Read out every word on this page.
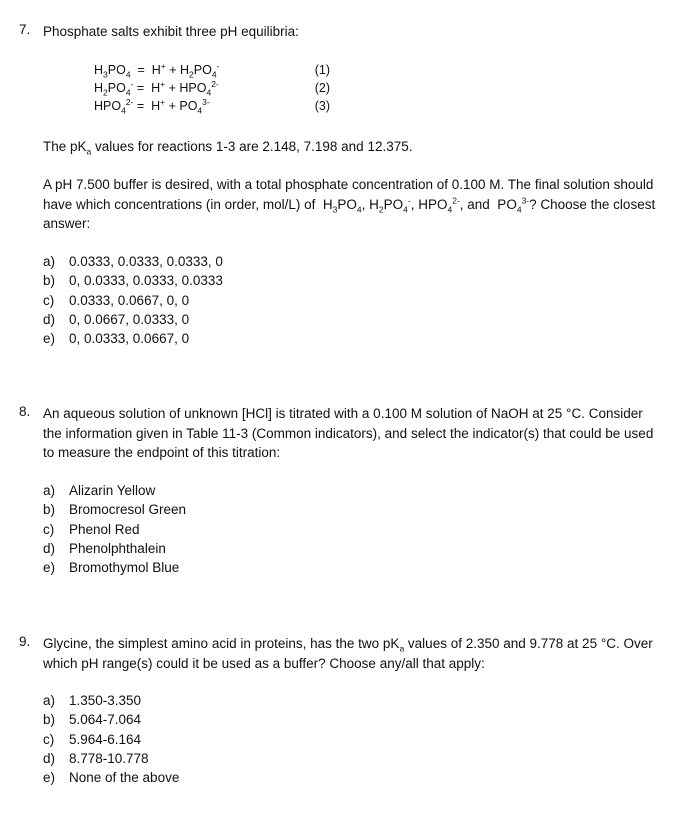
7. Phosphate salts exhibit three pH equilibria:
$H_3PO_4 = H^+ + H_2PO_4^-$	(1)
$H_2PO_4^- = H^+ + HPO_4^{2-}$	(2)
$HPO_4^{2-} = H^+ + PO_4^{3-}$	(3)
The $pK_a$ values for reactions 1-3 are 2.148, 7.198 and 12.375.
A pH 7.500 buffer is desired, with a total phosphate concentration of 0.100 M. The final solution should have which concentrations (in order, mol/L) of  $H_3PO_4$, $H_2PO_4^-$, $HPO_4^{2-}$, and  $PO_4^{3-}$? Choose the closest answer:
a)	0.0333, 0.0333, 0.0333, 0
b)	0, 0.0333, 0.0333, 0.0333
c)	0.0333, 0.0667, 0, 0
d)	0, 0.0667, 0.0333, 0
e)	0, 0.0333, 0.0667, 0
8. An aqueous solution of unknown [HCl] is titrated with a 0.100 M solution of NaOH at 25 °C. Consider the information given in Table 11-3 (Common indicators), and select the indicator(s) that could be used to measure the endpoint of this titration:
a)	Alizarin Yellow
b)	Bromocresol Green
c)	Phenol Red
d)	Phenolphthalein
e)	Bromothymol Blue
9. Glycine, the simplest amino acid in proteins, has the two $pK_a$ values of 2.350 and 9.778 at 25 °C. Over which pH range(s) could it be used as a buffer? Choose any/all that apply:
a)	1.350-3.350
b)	5.064-7.064
c)	5.964-6.164
d)	8.778-10.778
e)	None of the above
